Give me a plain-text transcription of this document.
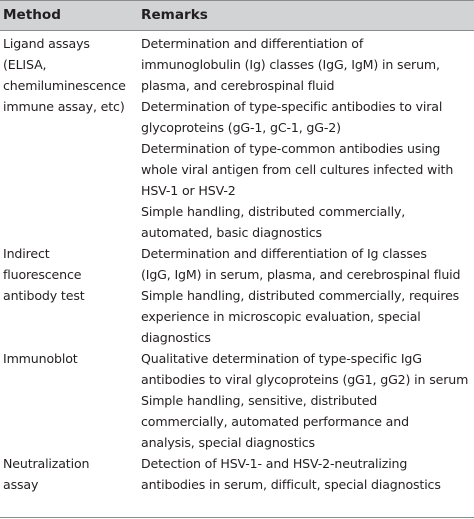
Method	Remarks
Ligand assays
(ELISA,
chemiluminescence
immune assay, etc)
Determination and differentiation of
immunoglobulin (Ig) classes (IgG, IgM) in serum,
plasma, and cerebrospinal fluid
Determination of type-specific antibodies to viral
glycoproteins (gG-1, gC-1, gG-2)
Determination of type-common antibodies using
whole viral antigen from cell cultures infected with
HSV-1 or HSV-2
Simple handling, distributed commercially,
automated, basic diagnostics
Indirect
fluorescence
antibody test
Determination and differentiation of Ig classes
(IgG, IgM) in serum, plasma, and cerebrospinal fluid
Simple handling, distributed commercially, requires
experience in microscopic evaluation, special
diagnostics
Immunoblot	Qualitative determination of type-specific IgG
antibodies to viral glycoproteins (gG1, gG2) in serum
Simple handling, sensitive, distributed
commercially, automated performance and
analysis, special diagnostics
Neutralization
assay
Detection of HSV-1- and HSV-2-neutralizing
antibodies in serum, difficult, special diagnostics
